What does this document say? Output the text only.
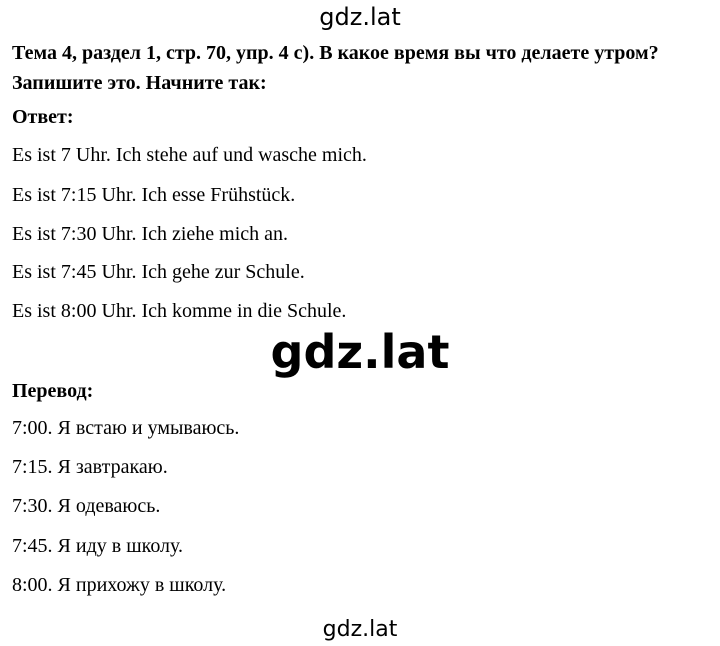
gdz.lat
Тема 4, раздел 1, стр. 70, упр. 4 с). В какое время вы что делаете утром? Запишите это. Начните так:
Ответ:
Es ist 7 Uhr. Ich stehe auf und wasche mich.
Es ist 7:15 Uhr. Ich esse Frühstück.
Es ist 7:30 Uhr. Ich ziehe mich an.
Es ist 7:45 Uhr. Ich gehe zur Schule.
Es ist 8:00 Uhr. Ich komme in die Schule.
gdz.lat
Перевод:
7:00. Я встаю и умываюсь.
7:15. Я завтракаю.
7:30. Я одеваюсь.
7:45. Я иду в школу.
8:00. Я прихожу в школу.
gdz.lat
